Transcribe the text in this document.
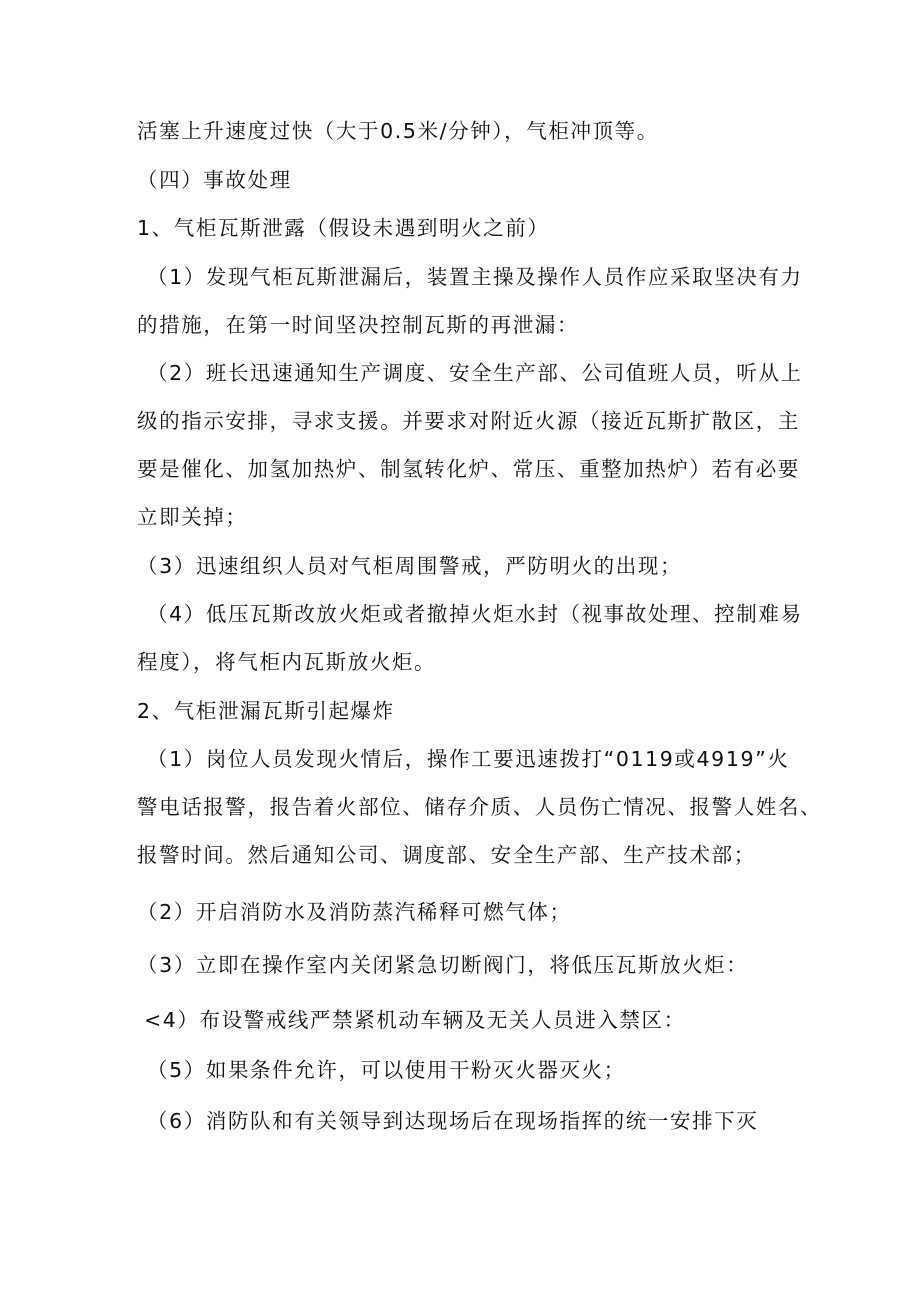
活塞上升速度过快（大于0.5米/分钟），气柜冲顶等。
（四）事故处理
1、气柜瓦斯泄露（假设未遇到明火之前）
（1）发现气柜瓦斯泄漏后，装置主操及操作人员作应采取坚决有力
的措施，在第一时间坚决控制瓦斯的再泄漏：
（2）班长迅速通知生产调度、安全生产部、公司值班人员，听从上
级的指示安排，寻求支援。并要求对附近火源（接近瓦斯扩散区，主
要是催化、加氢加热炉、制氢转化炉、常压、重整加热炉）若有必要
立即关掉；
（3）迅速组织人员对气柜周围警戒，严防明火的出现；
（4）低压瓦斯改放火炬或者撤掉火炬水封（视事故处理、控制难易
程度），将气柜内瓦斯放火炬。
2、气柜泄漏瓦斯引起爆炸
（1）岗位人员发现火情后，操作工要迅速拨打“0119或4919”火
警电话报警，报告着火部位、储存介质、人员伤亡情况、报警人姓名、
报警时间。然后通知公司、调度部、安全生产部、生产技术部；
（2）开启消防水及消防蒸汽稀释可燃气体；
（3）立即在操作室内关闭紧急切断阀门，将低压瓦斯放火炬：
<4）布设警戒线严禁紧机动车辆及无关人员进入禁区：
（5）如果条件允许，可以使用干粉灭火器灭火；
（6）消防队和有关领导到达现场后在现场指挥的统一安排下灭
